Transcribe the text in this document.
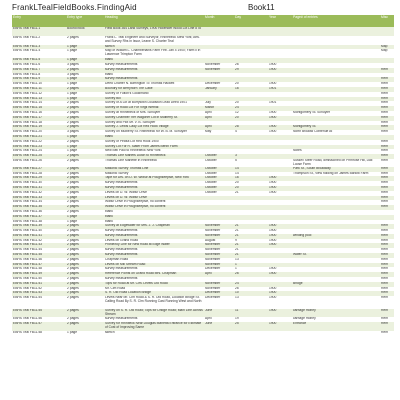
FrankLTealFieldBooks.FindingAid	Book11
Entry	Entry type	Heading	Month	Day	Year	Page# of entries	Misc
EBHS Teal FB11.1	Bound book	Field Book 364 Land Surveys, 1900 Hollender Wood Lot Line 8 Id					
EBHS Teal FB11.2	2 pages	Frank L. Teal Engineer and Surveyor, Rhinebeck Stew York; Arts. and Survey Rhs in Issur, Leane S. Charter Teal					
EBHS Teal FB11.3	1 page	sketch					Map
EBHS Teal FB11.4	1 page	Map of William L. Chamberlains Farm Feb. Jan 4 1900; Farm il in Lawrence Trimpton Farm					Map
EBHS Teal FB11.5	1 page	blank					
EBHS Teal FB11.6	3 pages	survey measurements	November	26	1900		
EBHS Teal FB11.7	2 pages	survey measurements	November	29	1900		Rem
EBHS Teal FB11.8	3 pages	blank					
EBHS Teal FB11.9	1 page	survey measurements					Rem
EBHS Teal FB11.10	1 page	Deed Charter N. Barrington To Thomas Hackett	December	20	1900		Rem
EBHS Teal FB11.11	2 pages	Boundry for Berryhorn The Cake	January	16	1901		Rem
EBHS Teal FB11.12	1 page	Survey of Fulton's Goodmand					Rem
EBHS Teal FB11.13	1 page	Survey Bill					Rem
EBHS Teal FB11.14	2 pages	Survey of A Lot at Burrytown Doudston Lead Deed 1901	July	20	1901		Rem
EBHS Teal FB11.15	2 pages	Survey of Road Lot For Virgil Wetnal	March	24			Rem
EBHS Teal FB11.16	2 pages	Survey at Rhinebeck of Mrs. Schuyler	April	12	1900	Montgomery St. Schuyler	Rem
EBHS Teal FB11.17	2 pages	Survey Chamber 'her Wagoner Lot in Mulberry St.	April	20	1900		Rem
EBHS Teal FB11.18	2 pages	Survey and Plot Mr. V. B. Schuyler					Rem
EBHS Teal FB11.19	2 pages	Survey J. Lewis Cady Lot Red Hook Village	April	28	1900	Montgomery St.	Rem
EBHS Teal FB11.20	3 pages	Survey on Mulberry St. Rhinebeck for W. B. M. Schuyler	May	4	1900	North Broadw Contenue At	Rem
EBHS Teal FB11.21	1 page	blank					
EBHS Teal FB11.22	2 pages	Survey of Peatut Lot Red Hook 1900					Rem
EBHS Teal FB11.23	1 page	Survey Lot For R. Slater From James Berlin Farm					Rem
EBHS Teal FB11.24	1 page	New Bell Paul to Rhinebeck New York				Notes	Rem
EBHS Teal FB11.25	2 pages	Thomas Line Mariets Dutch to Rhinebeck	October	3			Rem
EBHS Teal FB11.26	2 pages	Thomas Line Mariette in Rhinebeck	October	5		Sussex Steer Road, dimissioned on Primrose Hill, Dali Loose Farm	Rem
EBHS Teal FB11.27	2 pages	Masonic Survey Thomas Line	October	14		Park St., South Broadway	Rem
EBHS Teal FB11.28	2 pages	Masonic Survey	October	14		Thompson St., view holding on James Barlow Farm	Rem
EBHS Teal FB11.29	2 pages	Tape for Drs. on D. W. Wilbur at Poughkeepsie, New York	October	16	1900		Rem
EBHS Teal FB11.30	2 pages	survey measurements	October	20	1900		Rem
EBHS Teal FB11.31	2 pages	survey measurements	October	20	1900		Rem
EBHS Teal FB11.32	2 pages	Levels on D. W. Wilbur Drive	October	21	1900		Rem
EBHS Teal FB11.33	1 page	Levels on D. W. Wilbur Drive					Rem
EBHS Teal FB11.34	2 pages	Wilbur Drive in Poughkeepsie, no content					Rem
EBHS Teal FB11.35	2 pages	Wilbur Drive in Poughkeepsie, no content					Rem
EBHS Teal FB11.36	2 pages	blank					
EBHS Teal FB11.37	1 page	blank					
EBHS Teal FB11.38	1 page	blank					
EBHS Teal FB11.39	2 pages	Survey at Edgewater for Mrs. J. J. Chapman	November	21	1900		Rem
EBHS Teal FB11.40	2 pages	survey measurements	November	21	1900		Rem
EBHS Teal FB11.41	2 pages	survey measurements	November	21	1900	winding pool	Rem
EBHS Teal FB11.42	2 pages	Levels on Grand Road	August	9	1900		Rem
EBHS Teal FB11.43	2 pages	Profile/toy Line for New Road at Edge Water	November	21	1900		Rem
EBHS Teal FB11.44	2 pages	survey measurements	November	21			Rem
EBHS Teal FB11.45	2 pages	survey measurements	November	21		Water St.	Rem
EBHS Teal FB11.46	2 pages	Chapman Road	November	13			Rem
EBHS Teal FB11.47	2 pages	Levels on Mill Stream Road	November	1			Rem
EBHS Teal FB11.48	2 pages	survey measurements	December	1	1900		Rem
EBHS Teal FB11.49	2 pages	Reference Points on Grand Road Mrs. Chapman	April	26	1900		Rem
EBHS Teal FB11.50	2 pages	survey measurements					Rem
EBHS Teal FB11.51	2 pages	Tops for Road at Mr. Clm. Levels Old Road	November	24		Bridge	Rem
EBHS Teal FB11.52	2 pages	Mr. Clm Road	November	26	1900		Rem
EBHS Teal FB11.53	2 pages	S. R. Old Road Location Bridge	December	10	1900		Rem
EBHS Teal FB11.54	2 pages	Levels Near Mr. Clm Road & S. R. Old Road, Location Bridge St. Calling Road By S. R. Clm Running Cast Running West and North	December	13	1900		Rem
EBHS Teal FB11.55	2 pages	Survey on S. R. Old Road; Tops for Dridge Road; Main Line Across Stream	June	11	1900	carriage money	Rem
EBHS Teal FB11.56	2 pages	survey measurements	April	19		carriage money	Rem
EBHS Teal FB11.57	2 pages	Survey for Rhinbeck Near Douglas Marietta Entrance for Estimate of Cost of Improving Same	June	25	1900	Entrance	Rem
EBHS Teal FB11.58	1 page	sketch					Rem
